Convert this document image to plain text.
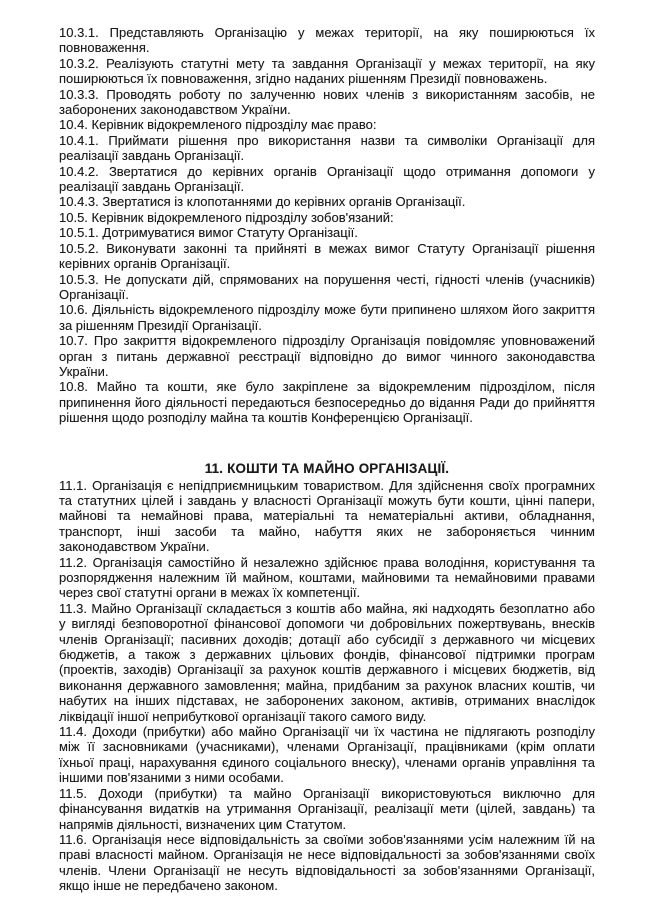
10.3.1. Представляють Організацію у межах території, на яку поширюються їх повноваження.

10.3.2. Реалізують статутні мету та завдання Організації у межах території, на яку поширюються їх повноваження, згідно наданих рішенням Президії повноважень.

10.3.3. Проводять роботу по залученню нових членів з використанням засобів, не заборонених законодавством України.

10.4. Керівник відокремленого підрозділу має право:

10.4.1. Приймати рішення про використання назви та символіки Організації для реалізації завдань Організації.

10.4.2. Звертатися до керівних органів Організації щодо отримання допомоги у реалізації завдань Організації.

10.4.3. Звертатися із клопотаннями до керівних органів Організації.

10.5. Керівник відокремленого підрозділу зобов'язаний:

10.5.1. Дотримуватися вимог Статуту Організації.

10.5.2. Виконувати законні та прийняті в межах вимог Статуту Організації рішення керівних органів Організації.

10.5.3. Не допускати дій, спрямованих на порушення честі, гідності членів (учасників) Організації.

10.6. Діяльність відокремленого підрозділу може бути припинено шляхом його закриття за рішенням Президії Організації.

10.7. Про закриття відокремленого підрозділу Організація повідомляє уповноважений орган з питань державної реєстрації відповідно до вимог чинного законодавства України.

10.8. Майно та кошти, яке було закріплене за відокремленим підрозділом, після припинення його діяльності передаються безпосередньо до відання Ради до прийняття рішення щодо розподілу майна та коштів Конференцією Організації.

11. КОШТИ ТА МАЙНО ОРГАНІЗАЦІЇ.

11.1. Організація є непідприємницьким товариством. Для здійснення своїх програмних та статутних цілей і завдань у власності Організації можуть бути кошти, цінні папери, майнові та немайнові права, матеріальні та нематеріальні активи, обладнання, транспорт, інші засоби та майно, набуття яких не забороняється чинним законодавством України.

11.2. Організація самостійно й незалежно здійснює права володіння, користування та розпорядження належним їй майном, коштами, майновими та немайновими правами через свої статутні органи в межах їх компетенції.

11.3. Майно Організації складається з коштів або майна, які надходять безоплатно або у вигляді безповоротної фінансової допомоги чи добровільних пожертвувань, внесків членів Організації; пасивних доходів; дотації або субсидії з державного чи місцевих бюджетів, а також з державних цільових фондів, фінансової підтримки програм (проектів, заходів) Організації за рахунок коштів державного і місцевих бюджетів, від виконання державного замовлення; майна, придбаним за рахунок власних коштів, чи набутих на інших підставах, не заборонених законом, активів, отриманих внаслідок ліквідації іншої неприбуткової організації такого самого виду.

11.4. Доходи (прибутки) або майно Організації чи їх частина не підлягають розподілу між її засновниками (учасниками), членами Організації, працівниками (крім оплати їхньої праці, нарахування єдиного соціального внеску), членами органів управління та іншими пов'язаними з ними особами.

11.5. Доходи (прибутки) та майно Організації використовуються виключно для фінансування видатків на утримання Організації, реалізації мети (цілей, завдань) та напрямів діяльності, визначених цим Статутом.

11.6. Організація несе відповідальність за своїми зобов'язаннями усім належним їй на праві власності майном. Організація не несе відповідальності за зобов'язаннями своїх членів. Члени Організації не несуть відповідальності за зобов'язаннями Організації, якщо інше не передбачено законом.
